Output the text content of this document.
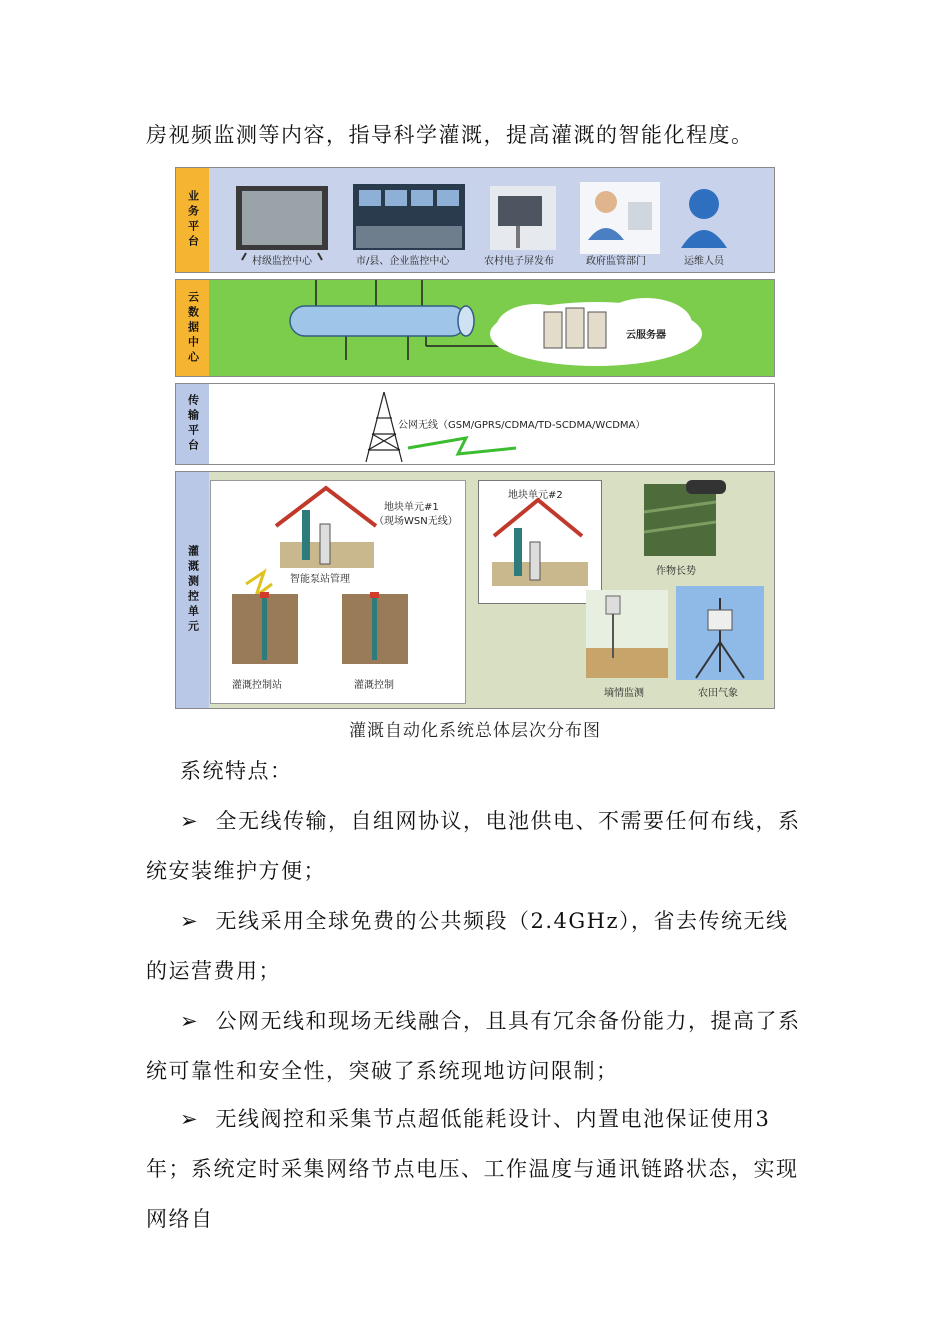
房视频监测等内容，指导科学灌溉，提高灌溉的智能化程度。

业务平台
村级监控中心	市/县、企业监控中心	农村电子屏发布	政府监管部门	运维人员
云数据中心	云服务器
传输平台	公网无线（GSM/GPRS/CDMA/TD-SCDMA/WCDMA）
灌溉测控单元
地块单元#1
（现场WSN无线）
智能泵站管理
地块单元#2
作物长势
灌溉控制站	灌溉控制
墒情监测	农田气象
灌溉自动化系统总体层次分布图

系统特点：

➢ 全无线传输，自组网协议，电池供电、不需要任何布线，系统安装维护方便；

➢ 无线采用全球免费的公共频段（2.4GHz），省去传统无线的运营费用；

➢ 公网无线和现场无线融合，且具有冗余备份能力，提高了系统可靠性和安全性，突破了系统现地访问限制；

➢ 无线阀控和采集节点超低能耗设计、内置电池保证使用3年；系统定时采集网络节点电压、工作温度与通讯链路状态，实现网络自
